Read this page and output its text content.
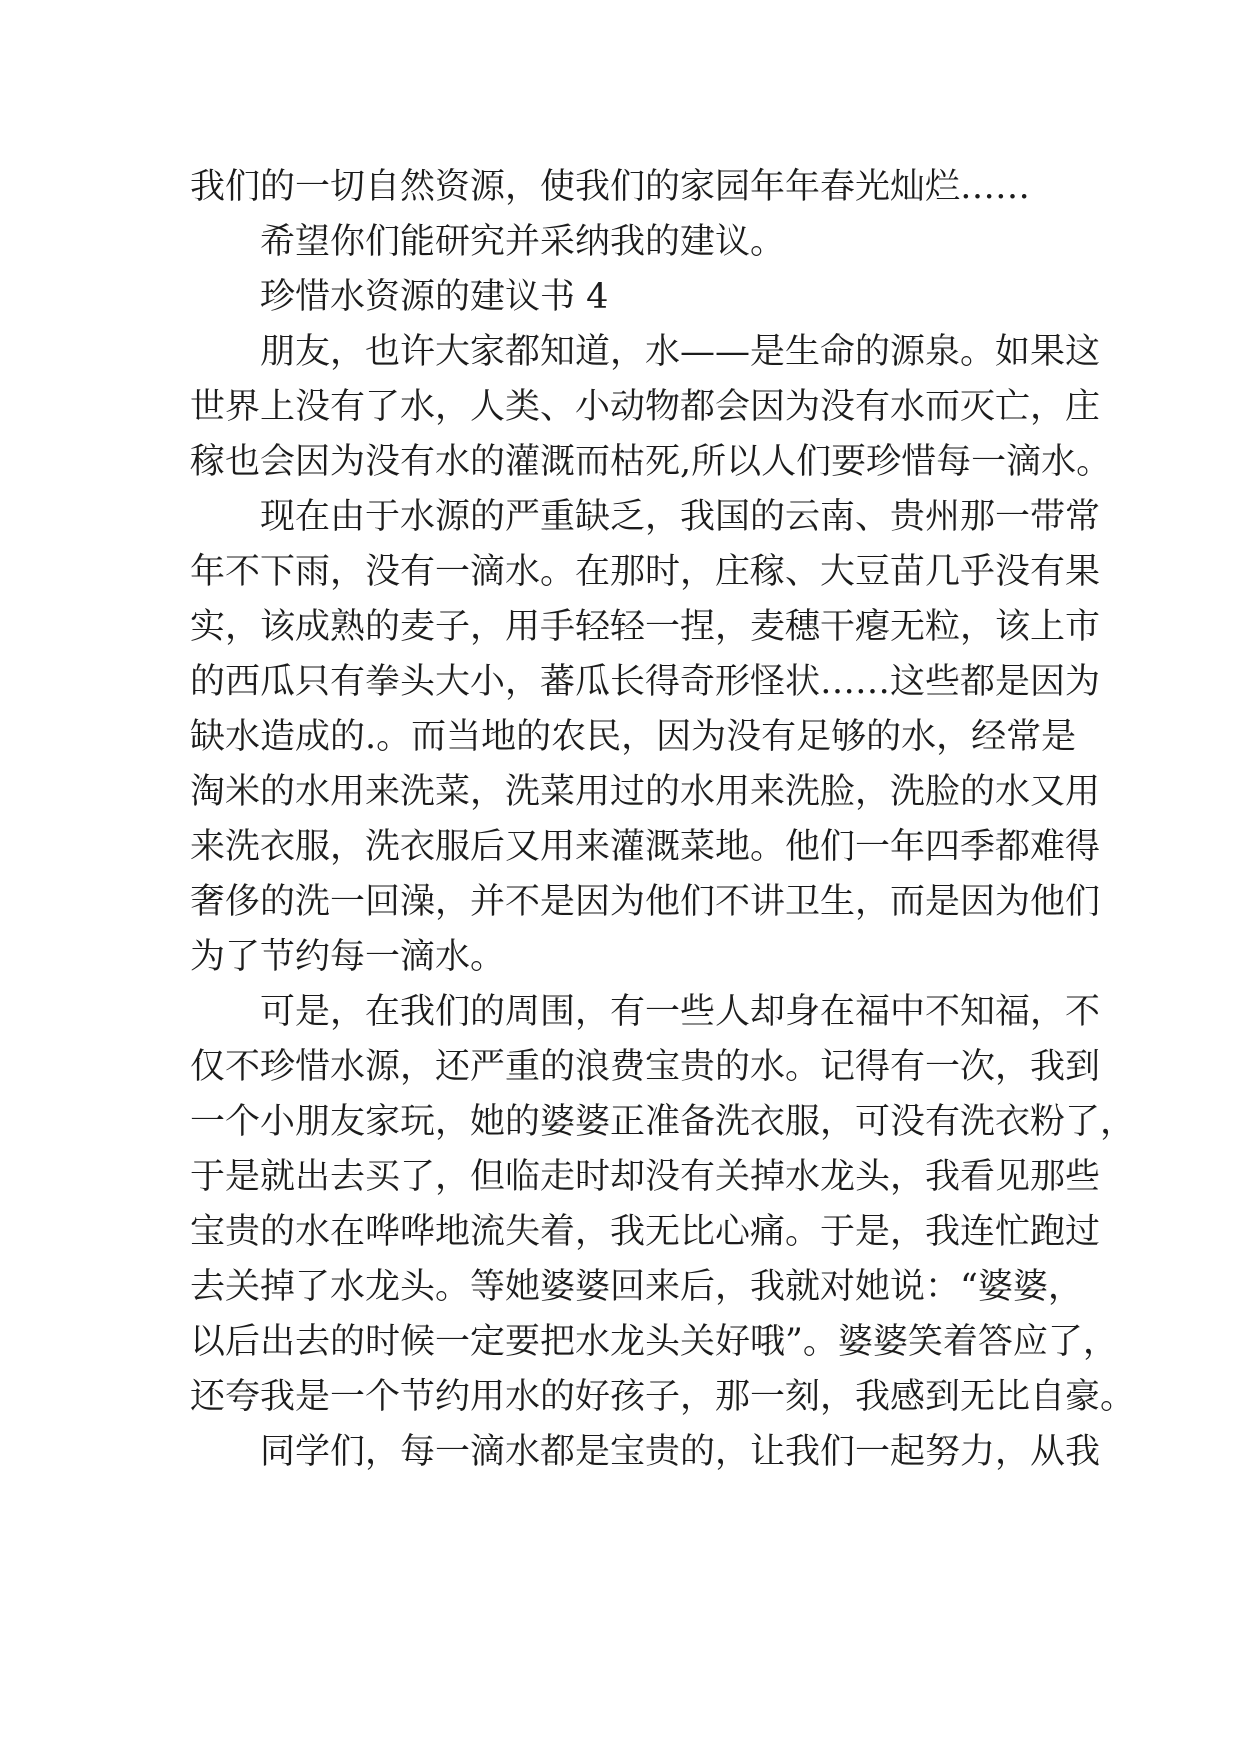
我们的一切自然资源，使我们的家园年年春光灿烂……

希望你们能研究并采纳我的建议。

珍惜水资源的建议书 4

朋友，也许大家都知道，水——是生命的源泉。如果这

世界上没有了水，人类、小动物都会因为没有水而灭亡，庄

稼也会因为没有水的灌溉而枯死,所以人们要珍惜每一滴水。

现在由于水源的严重缺乏，我国的云南、贵州那一带常

年不下雨，没有一滴水。在那时，庄稼、大豆苗几乎没有果

实，该成熟的麦子，用手轻轻一捏，麦穗干瘪无粒，该上市

的西瓜只有拳头大小，蕃瓜长得奇形怪状……这些都是因为

缺水造成的.。而当地的农民，因为没有足够的水，经常是

淘米的水用来洗菜，洗菜用过的水用来洗脸，洗脸的水又用

来洗衣服，洗衣服后又用来灌溉菜地。他们一年四季都难得

奢侈的洗一回澡，并不是因为他们不讲卫生，而是因为他们

为了节约每一滴水。

可是，在我们的周围，有一些人却身在福中不知福，不

仅不珍惜水源，还严重的浪费宝贵的水。记得有一次，我到

一个小朋友家玩，她的婆婆正准备洗衣服，可没有洗衣粉了，

于是就出去买了，但临走时却没有关掉水龙头，我看见那些

宝贵的水在哗哗地流失着，我无比心痛。于是，我连忙跑过

去关掉了水龙头。等她婆婆回来后，我就对她说：“婆婆，

以后出去的时候一定要把水龙头关好哦”。婆婆笑着答应了，

还夸我是一个节约用水的好孩子，那一刻，我感到无比自豪。

同学们，每一滴水都是宝贵的，让我们一起努力，从我
